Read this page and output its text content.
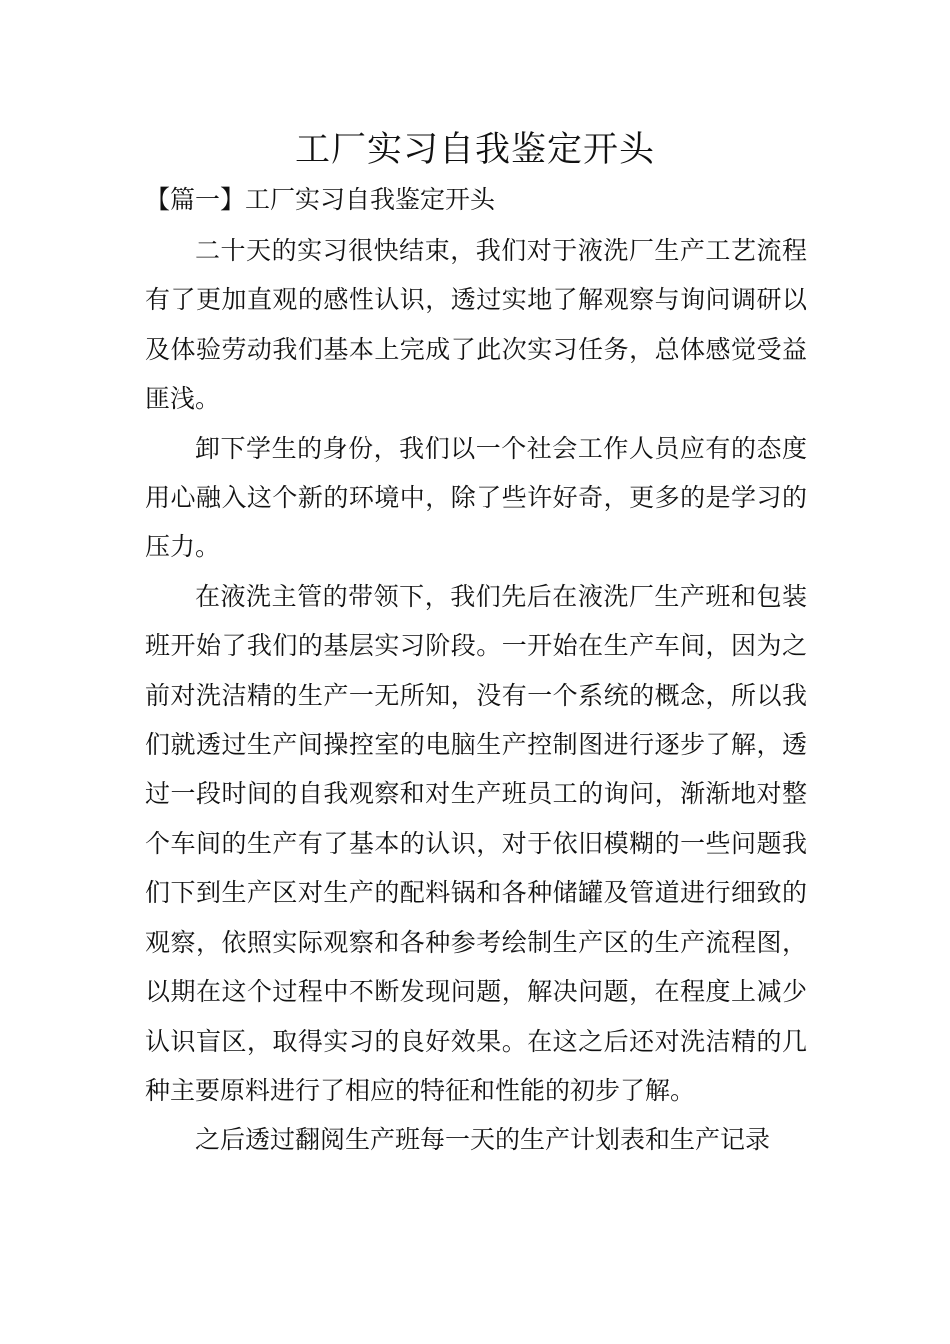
工厂实习自我鉴定开头

【篇一】工厂实习自我鉴定开头

二十天的实习很快结束，我们对于液洗厂生产工艺流程有了更加直观的感性认识，透过实地了解观察与询问调研以及体验劳动我们基本上完成了此次实习任务，总体感觉受益匪浅。

卸下学生的身份，我们以一个社会工作人员应有的态度用心融入这个新的环境中，除了些许好奇，更多的是学习的压力。

在液洗主管的带领下，我们先后在液洗厂生产班和包装班开始了我们的基层实习阶段。一开始在生产车间，因为之前对洗洁精的生产一无所知，没有一个系统的概念，所以我们就透过生产间操控室的电脑生产控制图进行逐步了解，透过一段时间的自我观察和对生产班员工的询问，渐渐地对整个车间的生产有了基本的认识，对于依旧模糊的一些问题我们下到生产区对生产的配料锅和各种储罐及管道进行细致的观察，依照实际观察和各种参考绘制生产区的生产流程图，以期在这个过程中不断发现问题，解决问题，在程度上减少认识盲区，取得实习的良好效果。在这之后还对洗洁精的几种主要原料进行了相应的特征和性能的初步了解。

之后透过翻阅生产班每一天的生产计划表和生产记录
